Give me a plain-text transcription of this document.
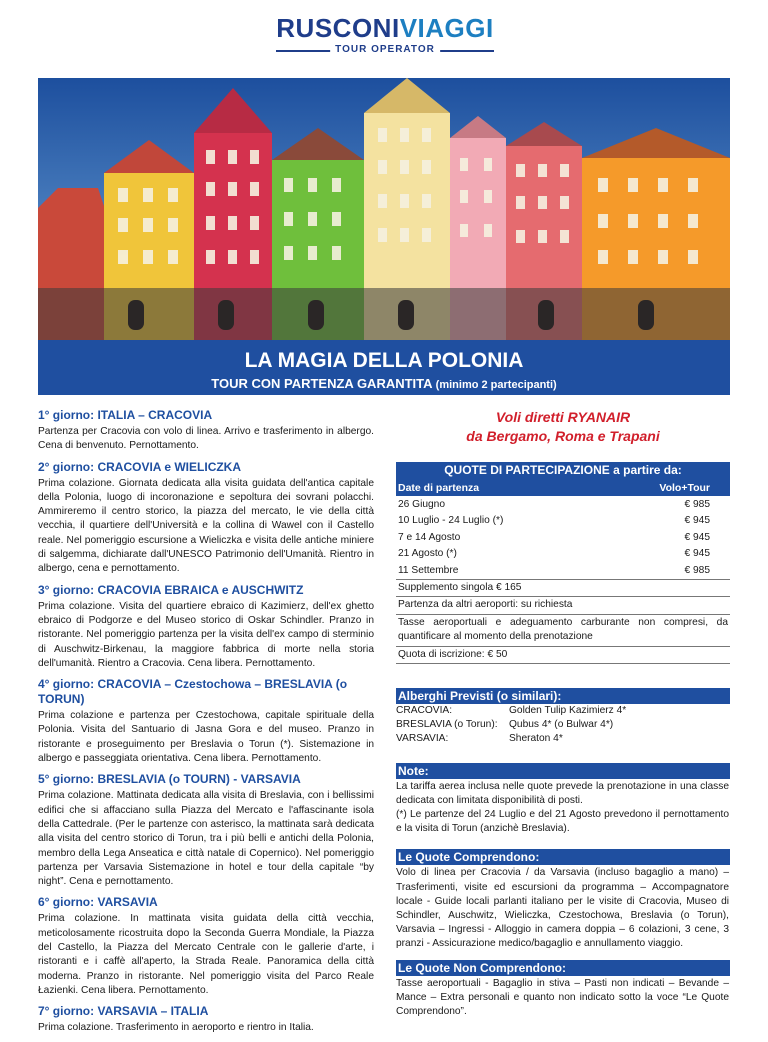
RUSCONIVIAGGI
TOUR OPERATOR
LA MAGIA DELLA POLONIA
TOUR CON PARTENZA GARANTITA (minimo 2 partecipanti)
1° giorno: ITALIA – CRACOVIA

Partenza per Cracovia con volo di linea. Arrivo e trasferimento in albergo. Cena di benvenuto. Pernottamento.

2° giorno: CRACOVIA e WIELICZKA

Prima colazione. Giornata dedicata alla visita guidata dell'antica capitale della Polonia, luogo di incoronazione e sepoltura dei sovrani polacchi. Ammireremo il centro storico, la piazza del mercato, le vie della città vecchia, il quartiere dell'Università e la collina di Wawel con il Castello reale. Nel pomeriggio escursione a Wieliczka e visita delle antiche miniere di salgemma, dichiarate dall'UNESCO Patrimonio dell'Umanità. Rientro in albergo, cena e pernottamento.

3° giorno: CRACOVIA EBRAICA e AUSCHWITZ

Prima colazione. Visita del quartiere ebraico di Kazimierz, dell'ex ghetto ebraico di Podgorze e del Museo storico di Oskar Schindler. Pranzo in ristorante. Nel pomeriggio partenza per la visita dell'ex campo di sterminio di Auschwitz-Birkenau, la maggiore fabbrica di morte nella storia dell'umanità. Rientro a Cracovia. Cena libera. Pernottamento.

4° giorno: CRACOVIA – Czestochowa – BRESLAVIA (o TORUN)

Prima colazione e partenza per Czestochowa, capitale spirituale della Polonia. Visita del Santuario di Jasna Gora e del museo. Pranzo in ristorante e proseguimento per Breslavia o Torun (*). Sistemazione in albergo e passeggiata orientativa. Cena libera. Pernottamento.

5° giorno: BRESLAVIA (o TOURN) - VARSAVIA

Prima colazione. Mattinata dedicata alla visita di Breslavia, con i bellissimi edifici che si affacciano sulla Piazza del Mercato e l'affascinante isola della Cattedrale. (Per le partenze con asterisco, la mattinata sarà dedicata alla visita del centro storico di Torun, tra i più belli e antichi della Polonia, membro della Lega Anseatica e città natale di Copernico). Nel pomeriggio partenza per Varsavia Sistemazione in hotel e tour della capitale “by night”. Cena e pernottamento.

6° giorno: VARSAVIA

Prima colazione. In mattinata visita guidata della città vecchia, meticolosamente ricostruita dopo la Seconda Guerra Mondiale, la Piazza del Castello, la Piazza del Mercato Centrale con le gallerie d'arte, i ristoranti e i caffè all'aperto, la Strada Reale. Panoramica della città moderna. Pranzo in ristorante. Nel pomeriggio visita del Parco Reale Łazienki. Cena libera. Pernottamento.

7° giorno: VARSAVIA – ITALIA

Prima colazione. Trasferimento in aeroporto e rientro in Italia.

Voli diretti RYANAIR
da Bergamo, Roma e Trapani
QUOTE DI PARTECIPAZIONE a partire da:
Date di partenza	Volo+Tour
26 Giugno	€ 985
10 Luglio - 24 Luglio (*)	€ 945
7 e 14 Agosto	€ 945
21 Agosto (*)	€ 945
11 Settembre	€ 985
Supplemento singola € 165
Partenza da altri aeroporti: su richiesta
Tasse aeroportuali e adeguamento carburante non compresi, da quantificare al momento della prenotazione
Quota di iscrizione: € 50
Alberghi Previsti (o similari):
CRACOVIA:	Golden Tulip Kazimierz 4*
BRESLAVIA (o Torun):	Qubus 4* (o Bulwar 4*)
VARSAVIA:	Sheraton 4*
Note:
La tariffa aerea inclusa nelle quote prevede la prenotazione in una classe dedicata con limitata disponibilità di posti.
(*) Le partenze del 24 Luglio e del 21 Agosto prevedono il pernottamento e la visita di Torun (anzichè Breslavia).
Le Quote Comprendono:
Volo di linea per Cracovia / da Varsavia (incluso bagaglio a mano) – Trasferimenti, visite ed escursioni da programma – Accompagnatore locale - Guide locali parlanti italiano per le visite di Cracovia, Museo di Schindler, Auschwitz, Wieliczka, Czestochowa, Breslavia (o Torun), Varsavia – Ingressi - Alloggio in camera doppia – 6 colazioni, 3 cene, 3 pranzi - Assicurazione medico/bagaglio e annullamento viaggio.
Le Quote Non Comprendono:
Tasse aeroportuali - Bagaglio in stiva – Pasti non indicati – Bevande – Mance – Extra personali e quanto non indicato sotto la voce “Le Quote Comprendono”.
